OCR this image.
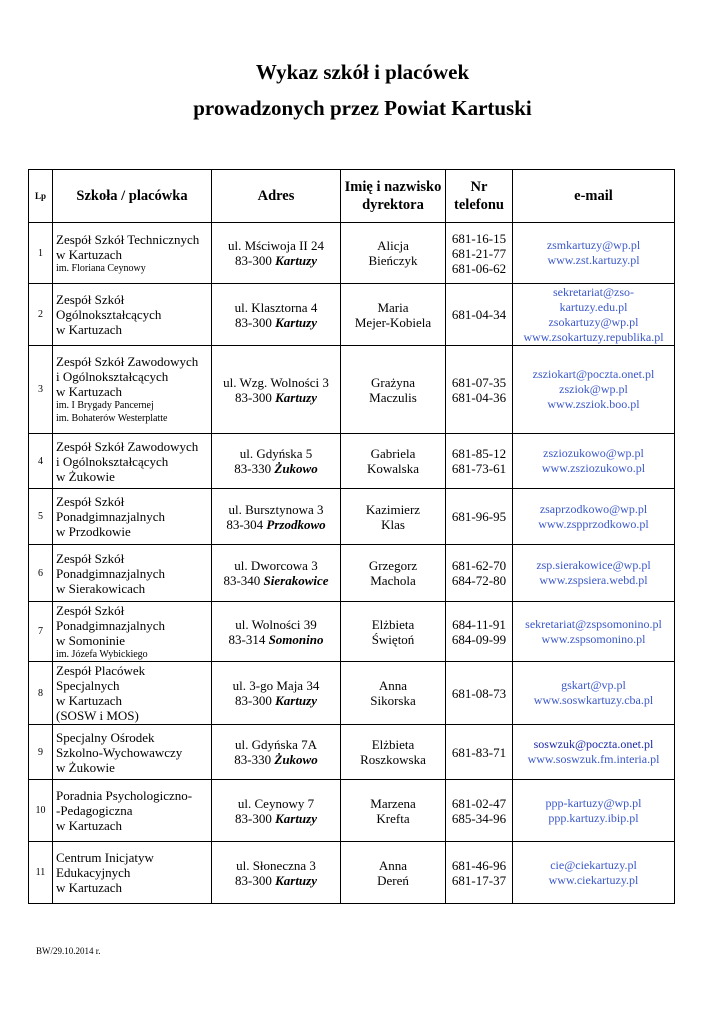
Wykaz szkół i placówek
prowadzonych przez Powiat Kartuski
Lp	Szkoła / placówka	Adres	Imię i nazwisko
dyrektora	Nr
telefonu	e-mail
1	Zespół Szkół Technicznych
w Kartuzach
im. Floriana Ceynowy	ul. Mściwoja II 24
83-300 Kartuzy	Alicja
Bieńczyk	681-16-15
681-21-77
681-06-62	zsmkartuzy@wp.pl
www.zst.kartuzy.pl

2	Zespół Szkół
Ogólnokształcących
w Kartuzach	ul. Klasztorna 4
83-300 Kartuzy	Maria
Mejer-Kobiela	681-04-34	sekretariat@zso-
kartuzy.edu.pl
zsokartuzy@wp.pl
www.zsokartuzy.republika.pl

3	Zespół Szkół Zawodowych
i Ogólnokształcących
w Kartuzach
im. I Brygady Pancernej
im. Bohaterów Westerplatte	ul. Wzg. Wolności 3
83-300 Kartuzy	Grażyna
Maczulis	681-07-35
681-04-36	zsziokart@poczta.onet.pl
zsziok@wp.pl
www.zsziok.boo.pl

4	Zespół Szkół Zawodowych
i Ogólnokształcących
w Żukowie	ul. Gdyńska 5
83-330 Żukowo	Gabriela
Kowalska	681-85-12
681-73-61	zsziozukowo@wp.pl
www.zsziozukowo.pl

5	Zespół Szkół
Ponadgimnazjalnych
w Przodkowie	ul. Bursztynowa 3
83-304 Przodkowo	Kazimierz
Klas	681-96-95	zsaprzodkowo@wp.pl
www.zspprzodkowo.pl

6	Zespół Szkół
Ponadgimnazjalnych
w Sierakowicach	ul. Dworcowa 3
83-340 Sierakowice	Grzegorz
Machola	681-62-70
684-72-80	zsp.sierakowice@wp.pl
www.zspsiera.webd.pl

7	Zespół Szkół
Ponadgimnazjalnych
w Somoninie
im. Józefa Wybickiego	ul. Wolności 39
83-314 Somonino	Elżbieta
Świętoń	684-11-91
684-09-99	sekretariat@zspsomonino.pl
www.zspsomonino.pl

8	Zespół Placówek
Specjalnych
w Kartuzach
(SOSW i MOS)	ul. 3-go Maja 34
83-300 Kartuzy	Anna
Sikorska	681-08-73	gskart@vp.pl
www.soswkartuzy.cba.pl

9	Specjalny Ośrodek
Szkolno-Wychowawczy
w Żukowie	ul. Gdyńska 7A
83-330 Żukowo	Elżbieta
Roszkowska	681-83-71	soswzuk@poczta.onet.pl
www.soswzuk.fm.interia.pl

10	Poradnia Psychologiczno-
-Pedagogiczna
w Kartuzach	ul. Ceynowy 7
83-300 Kartuzy	Marzena
Krefta	681-02-47
685-34-96	ppp-kartuzy@wp.pl
ppp.kartuzy.ibip.pl

11	Centrum Inicjatyw
Edukacyjnych
w Kartuzach	ul. Słoneczna 3
83-300 Kartuzy	Anna
Dereń	681-46-96
681-17-37	cie@ciekartuzy.pl
www.ciekartuzy.pl
BW/29.10.2014 r.
